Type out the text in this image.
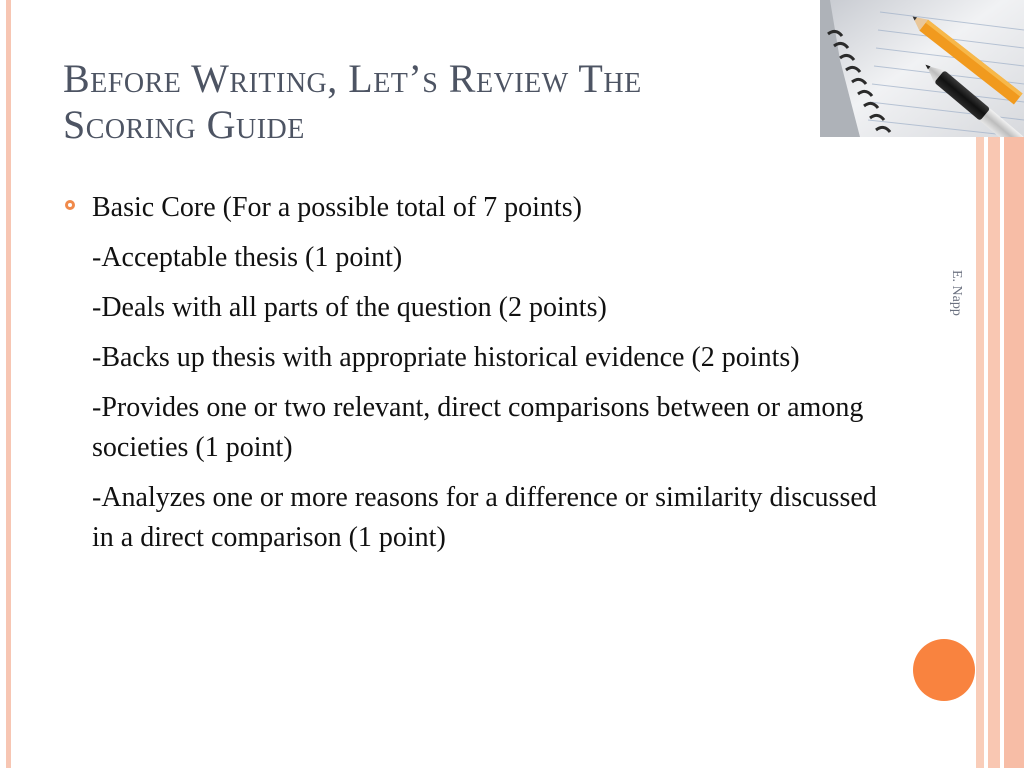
Before Writing, Let’s Review The
Scoring Guide
Basic Core (For a possible total of 7 points)
-Acceptable thesis (1 point)
-Deals with all parts of the question (2 points)
-Backs up thesis with appropriate historical evidence (2 points)
-Provides one or two relevant, direct comparisons between or among societies (1 point)
-Analyzes one or more reasons for a difference or similarity discussed in a direct comparison (1 point)
E. Napp
